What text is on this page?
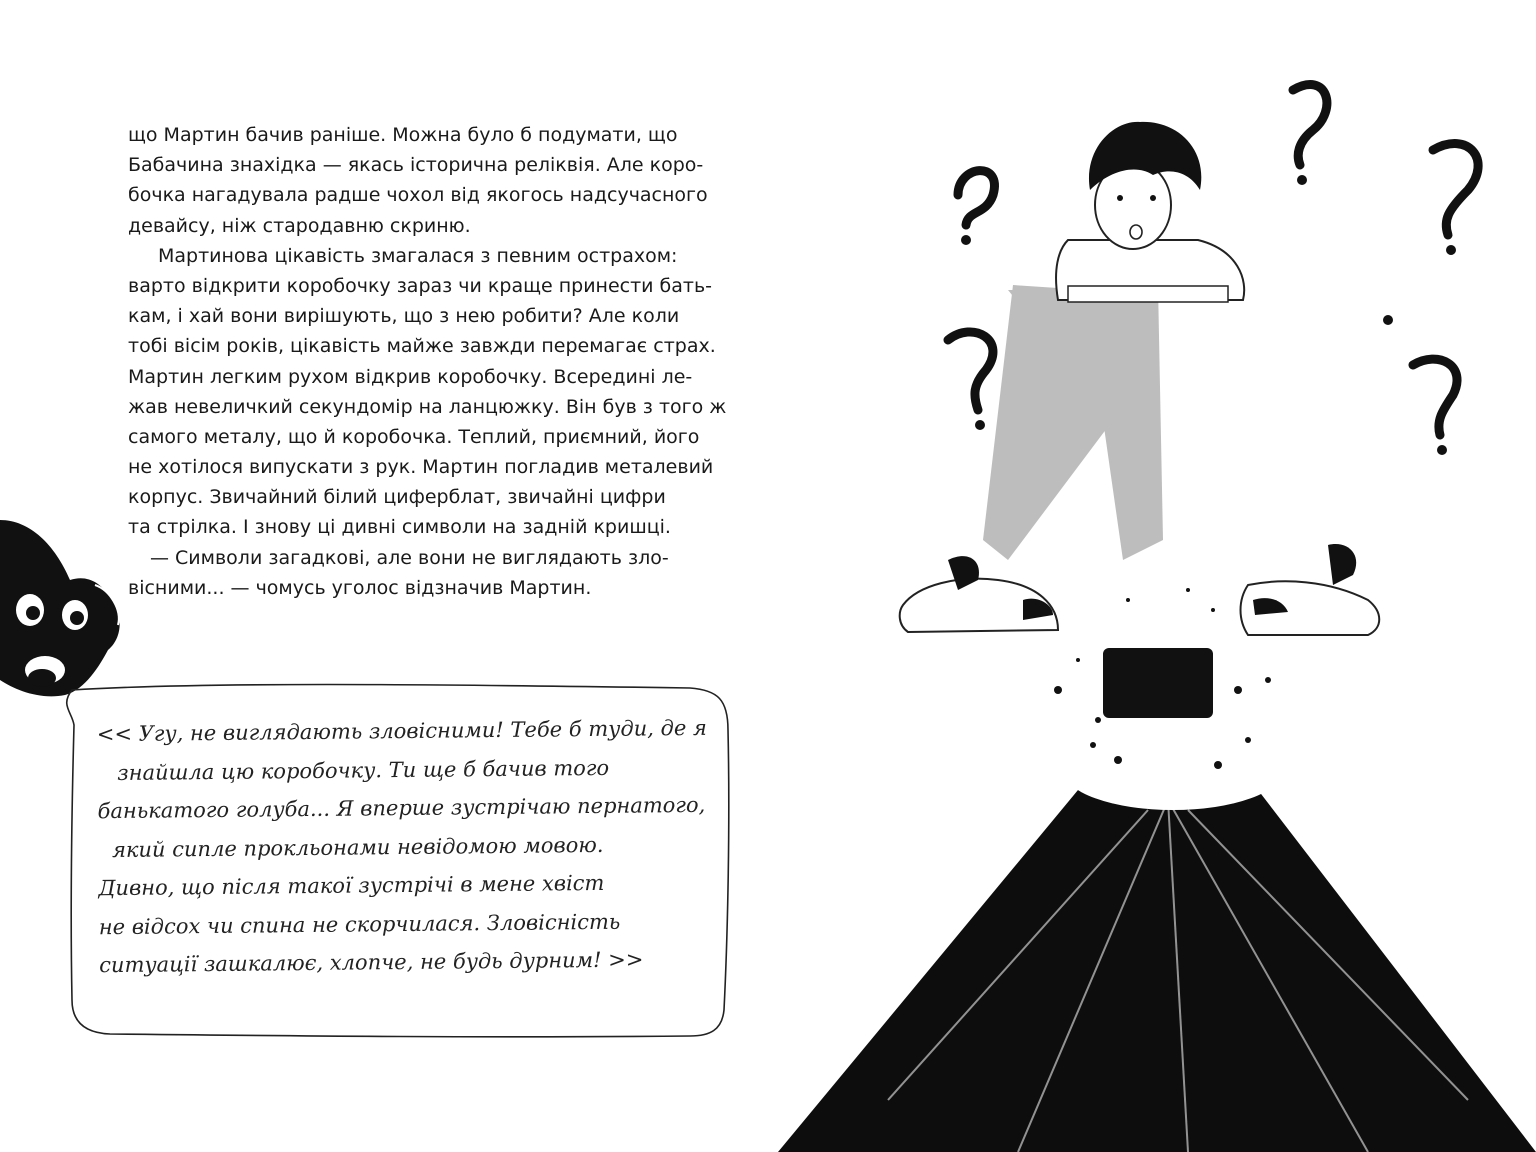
що Мартин бачив раніше. Можна було б подумати, що
Бабачина знахідка — якась історична реліквія. Але коро-
бочка нагадувала радше чохол від якогось надсучасного
девайсу, ніж стародавню скриню.
Мартинова цікавість змагалася з певним острахом:
варто відкрити коробочку зараз чи краще принести бать-
кам, і хай вони вирішують, що з нею робити? Але коли
тобі вісім років, цікавість майже завжди перемагає страх.
Мартин легким рухом відкрив коробочку. Всередині ле-
жав невеличкий секундомір на ланцюжку. Він був з того ж
самого металу, що й коробочка. Теплий, приємний, його
не хотілося випускати з рук. Мартин погладив металевий
корпус. Звичайний білий циферблат, звичайні цифри
та стрілка. І знову ці дивні символи на задній кришці.
— Символи загадкові, але вони не виглядають зло-
вісними... — чомусь уголос відзначив Мартин.
<< Угу, не виглядають зловісними! Тебе б туди, де я
знайшла цю коробочку. Ти ще б бачив того
банькатого голуба... Я вперше зустрічаю пернатого,
який сипле прокльонами невідомою мовою.
Дивно, що після такої зустрічі в мене хвіст
не відсох чи спина не скорчилася. Зловісність
ситуації зашкалює, хлопче, не будь дурним! >>
